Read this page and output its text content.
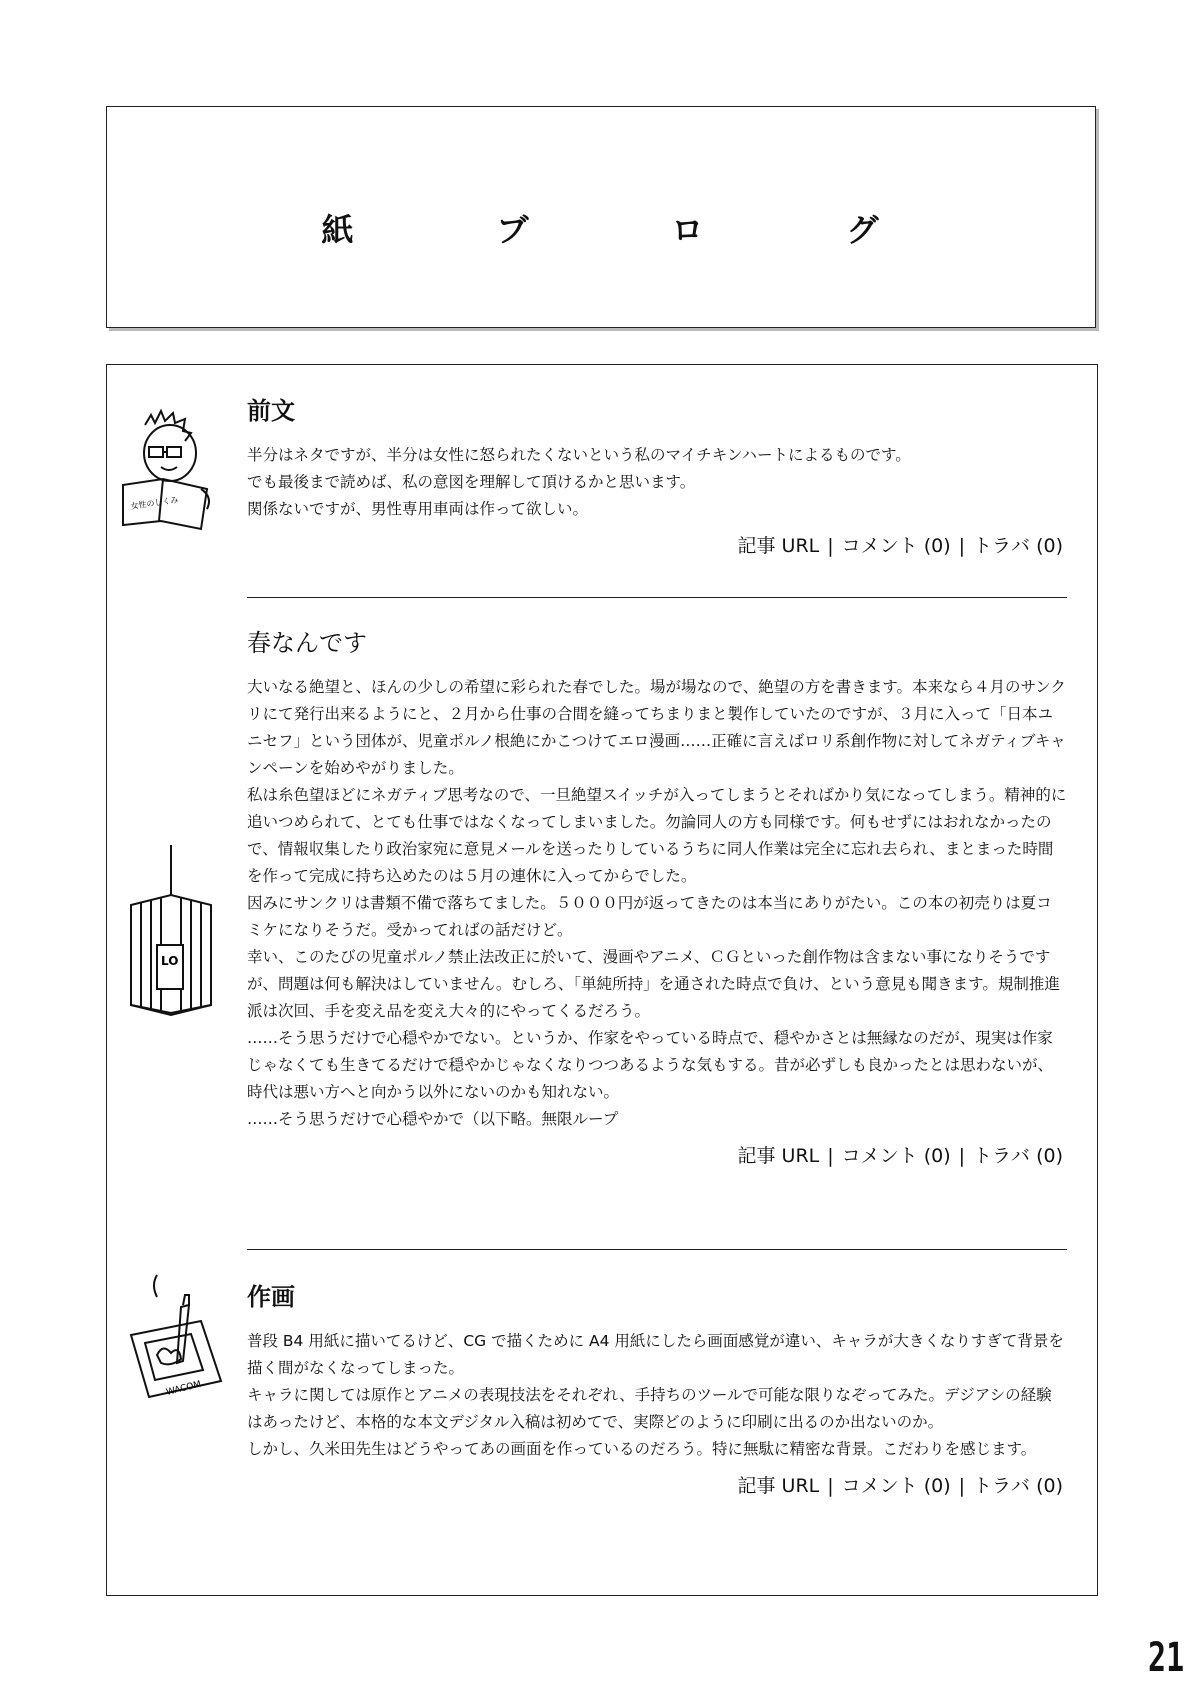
紙	ブ	ロ	グ
女性のしくみ
前文

半分はネタですが、半分は女性に怒られたくないという私のマイチキンハートによるものです。

でも最後まで読めば、私の意図を理解して頂けるかと思います。

関係ないですが、男性専用車両は作って欲しい。

記事 URL | コメント (0) | トラバ (0)
LO
春なんです

大いなる絶望と、ほんの少しの希望に彩られた春でした。場が場なので、絶望の方を書きます。本来なら４月のサンクリにて発行出来るようにと、２月から仕事の合間を縫ってちまりまと製作していたのですが、３月に入って「日本ユニセフ」という団体が、児童ポルノ根絶にかこつけてエロ漫画……正確に言えばロリ系創作物に対してネガティブキャンペーンを始めやがりました。

私は糸色望ほどにネガティブ思考なので、一旦絶望スイッチが入ってしまうとそればかり気になってしまう。精神的に追いつめられて、とても仕事ではなくなってしまいました。勿論同人の方も同様です。何もせずにはおれなかったので、情報収集したり政治家宛に意見メールを送ったりしているうちに同人作業は完全に忘れ去られ、まとまった時間を作って完成に持ち込めたのは５月の連休に入ってからでした。

因みにサンクリは書類不備で落ちてました。５０００円が返ってきたのは本当にありがたい。この本の初売りは夏コミケになりそうだ。受かってればの話だけど。

幸い、このたびの児童ポルノ禁止法改正に於いて、漫画やアニメ、ＣＧといった創作物は含まない事になりそうですが、問題は何も解決はしていません。むしろ、「単純所持」を通された時点で負け、という意見も聞きます。規制推進派は次回、手を変え品を変え大々的にやってくるだろう。

……そう思うだけで心穏やかでない。というか、作家をやっている時点で、穏やかさとは無縁なのだが、現実は作家じゃなくても生きてるだけで穏やかじゃなくなりつつあるような気もする。昔が必ずしも良かったとは思わないが、時代は悪い方へと向かう以外にないのかも知れない。

……そう思うだけで心穏やかで（以下略。無限ループ

記事 URL | コメント (0) | トラバ (0)
WACOM
作画

普段 B4 用紙に描いてるけど、CG で描くために A4 用紙にしたら画面感覚が違い、キャラが大きくなりすぎて背景を描く間がなくなってしまった。

キャラに関しては原作とアニメの表現技法をそれぞれ、手持ちのツールで可能な限りなぞってみた。デジアシの経験はあったけど、本格的な本文デジタル入稿は初めてで、実際どのように印刷に出るのか出ないのか。

しかし、久米田先生はどうやってあの画面を作っているのだろう。特に無駄に精密な背景。こだわりを感じます。

記事 URL | コメント (0) | トラバ (0)
21
